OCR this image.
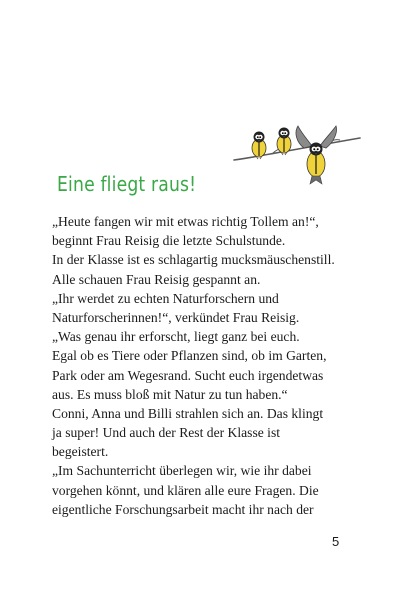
Eine fliegt raus!
„Heute fangen wir mit etwas richtig Tollem an!“,
beginnt Frau Reisig die letzte Schulstunde.
In der Klasse ist es schlagartig mucksmäuschenstill.
Alle schauen Frau Reisig gespannt an.
„Ihr werdet zu echten Naturforschern und
Naturforscherinnen!“, verkündet Frau Reisig.
„Was genau ihr erforscht, liegt ganz bei euch.
Egal ob es Tiere oder Pflanzen sind, ob im Garten,
Park oder am Wegesrand. Sucht euch irgendetwas
aus. Es muss bloß mit Natur zu tun haben.“
Conni, Anna und Billi strahlen sich an. Das klingt
ja super! Und auch der Rest der Klasse ist
begeistert.
„Im Sachunterricht überlegen wir, wie ihr dabei
vorgehen könnt, und klären alle eure Fragen. Die
eigentliche Forschungsarbeit macht ihr nach der
5
